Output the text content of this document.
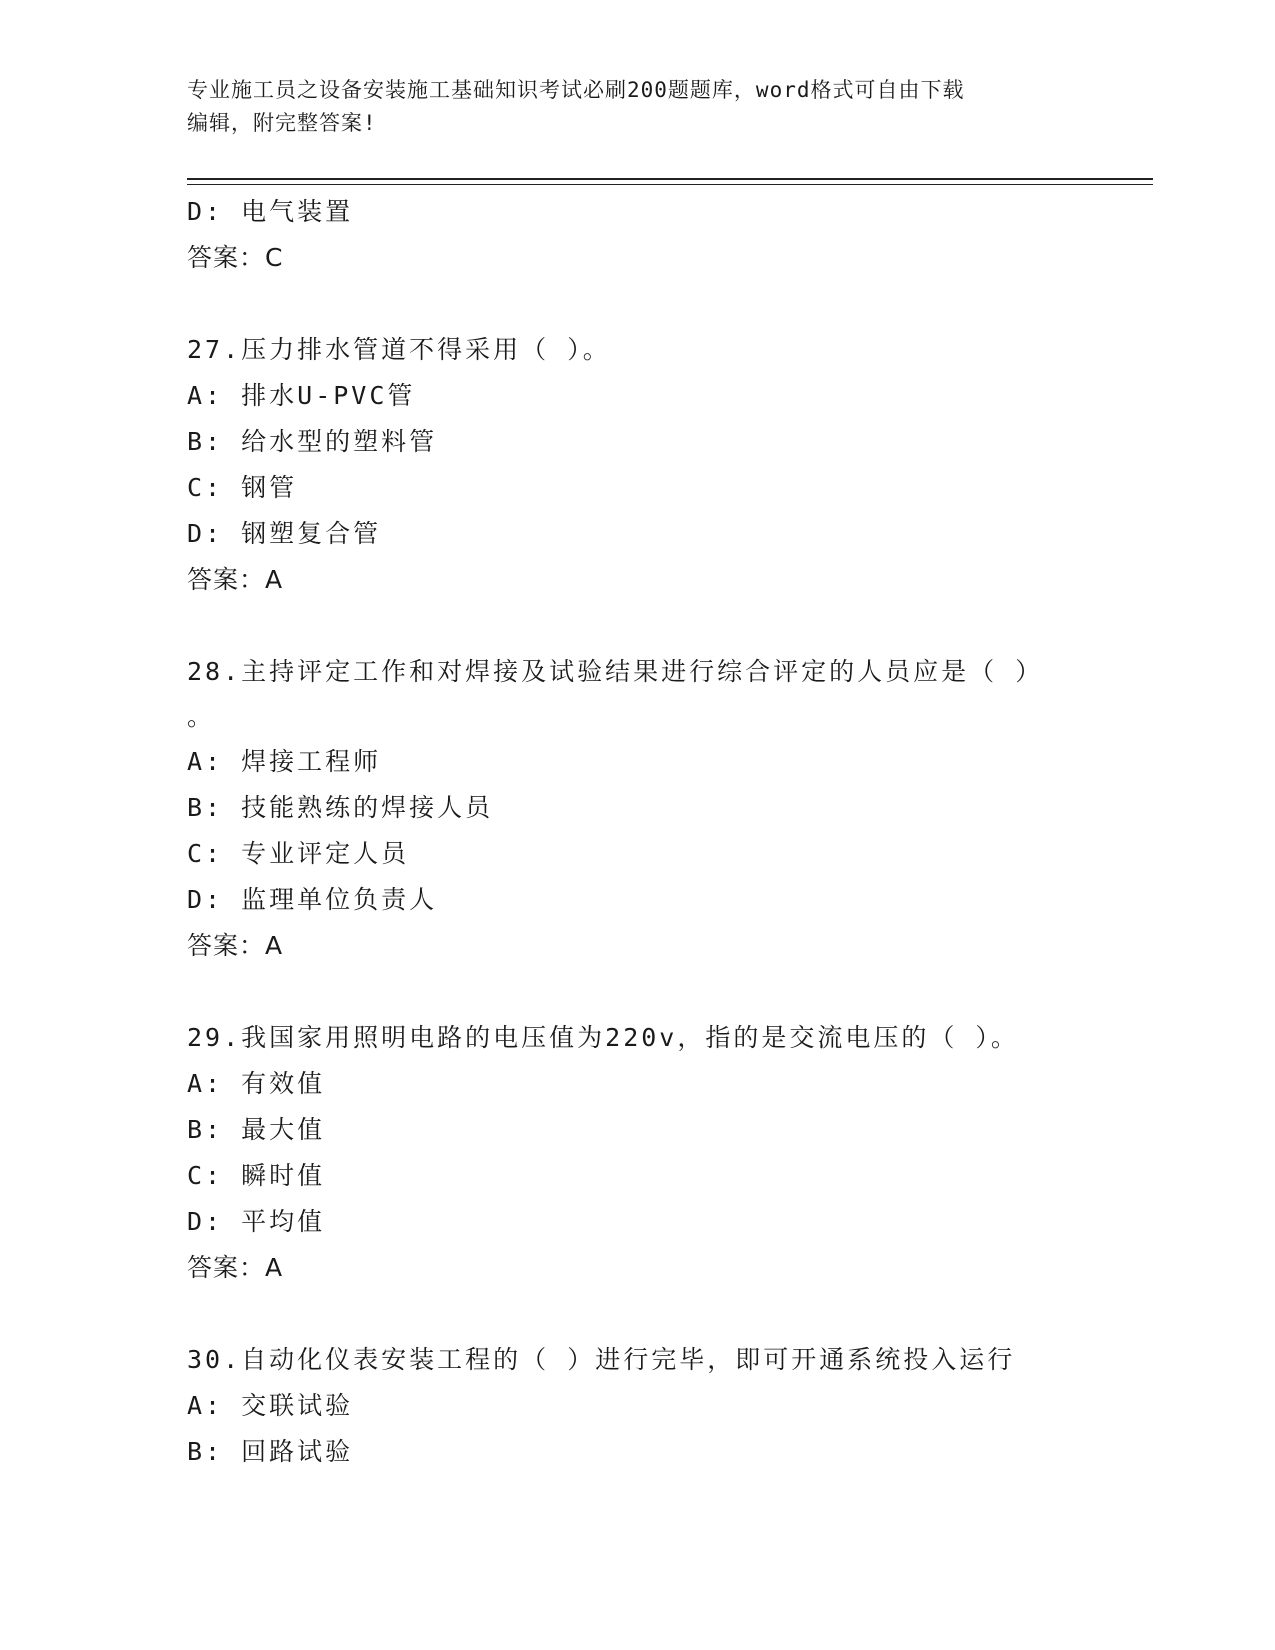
专业施工员之设备安装施工基础知识考试必刷200题题库，word格式可自由下载
编辑，附完整答案!
D: 电气装置
答案：C
27.压力排水管道不得采用（ ）。
A: 排水U-PVC管
B: 给水型的塑料管
C: 钢管
D: 钢塑复合管
答案：A
28.主持评定工作和对焊接及试验结果进行综合评定的人员应是（ ）
。
A: 焊接工程师
B: 技能熟练的焊接人员
C: 专业评定人员
D: 监理单位负责人
答案：A
29.我国家用照明电路的电压值为220v，指的是交流电压的（ ）。
A: 有效值
B: 最大值
C: 瞬时值
D: 平均值
答案：A
30.自动化仪表安装工程的（ ）进行完毕，即可开通系统投入运行
A: 交联试验
B: 回路试验
